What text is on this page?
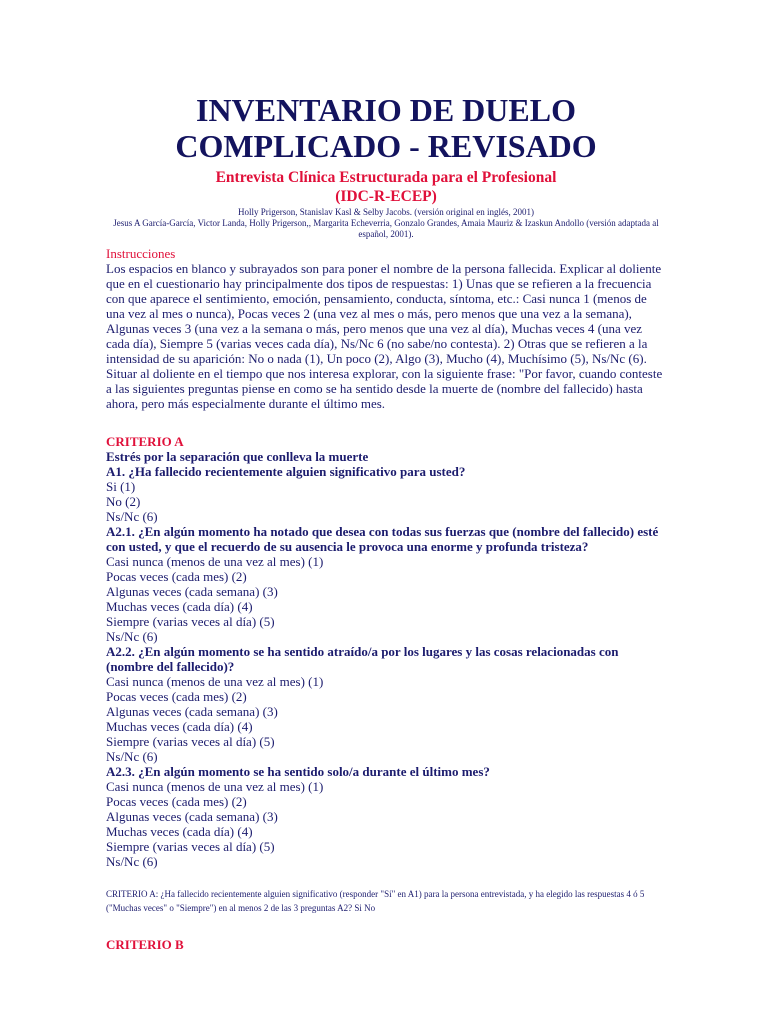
INVENTARIO DE DUELO
COMPLICADO - REVISADO
Entrevista Clínica Estructurada para el Profesional
(IDC-R-ECEP)
Holly Prigerson, Stanislav Kasl & Selby Jacobs. (versión original en inglés, 2001)
Jesus A García-García, Victor Landa, Holly Prigerson,, Margarita Echeverria, Gonzalo Grandes, Amaia Mauriz & Izaskun Andollo (versión adaptada al español, 2001).
Instrucciones
Los espacios en blanco y subrayados son para poner el nombre de la persona fallecida. Explicar al doliente que en el cuestionario hay principalmente dos tipos de respuestas: 1) Unas que se refieren a la frecuencia con que aparece el sentimiento, emoción, pensamiento, conducta, síntoma, etc.: Casi nunca 1 (menos de una vez al mes o nunca), Pocas veces 2 (una vez al mes o más, pero menos que una vez a la semana), Algunas veces 3 (una vez a la semana o más, pero menos que una vez al día), Muchas veces 4 (una vez cada día), Siempre 5 (varias veces cada día), Ns/Nc 6 (no sabe/no contesta). 2) Otras que se refieren a la intensidad de su aparición: No o nada (1), Un poco (2), Algo (3), Mucho (4), Muchísimo (5), Ns/Nc (6). Situar al doliente en el tiempo que nos interesa explorar, con la siguiente frase: "Por favor, cuando conteste a las siguientes preguntas piense en como se ha sentido desde la muerte de (nombre del fallecido) hasta ahora, pero más especialmente durante el último mes.
CRITERIO A
Estrés por la separación que conlleva la muerte
A1. ¿Ha fallecido recientemente alguien significativo para usted?
Si (1)
No (2)
Ns/Nc (6)
A2.1. ¿En algún momento ha notado que desea con todas sus fuerzas que (nombre del fallecido) esté con usted, y que el recuerdo de su ausencia le provoca una enorme y profunda tristeza?
Casi nunca (menos de una vez al mes) (1)
Pocas veces (cada mes) (2)
Algunas veces (cada semana) (3)
Muchas veces (cada día) (4)
Siempre (varias veces al día) (5)
Ns/Nc (6)
A2.2. ¿En algún momento se ha sentido atraído/a por los lugares y las cosas relacionadas con (nombre del fallecido)?
Casi nunca (menos de una vez al mes) (1)
Pocas veces (cada mes) (2)
Algunas veces (cada semana) (3)
Muchas veces (cada día) (4)
Siempre (varias veces al día) (5)
Ns/Nc (6)
A2.3. ¿En algún momento se ha sentido solo/a durante el último mes?
Casi nunca (menos de una vez al mes) (1)
Pocas veces (cada mes) (2)
Algunas veces (cada semana) (3)
Muchas veces (cada día) (4)
Siempre (varias veces al día) (5)
Ns/Nc (6)
CRITERIO A: ¿Ha fallecido recientemente alguien significativo (responder "Sí" en A1) para la persona entrevistada, y ha elegido las respuestas 4 ó 5 ("Muchas veces" o "Siempre") en al menos 2 de las 3 preguntas A2? Si No
CRITERIO B
